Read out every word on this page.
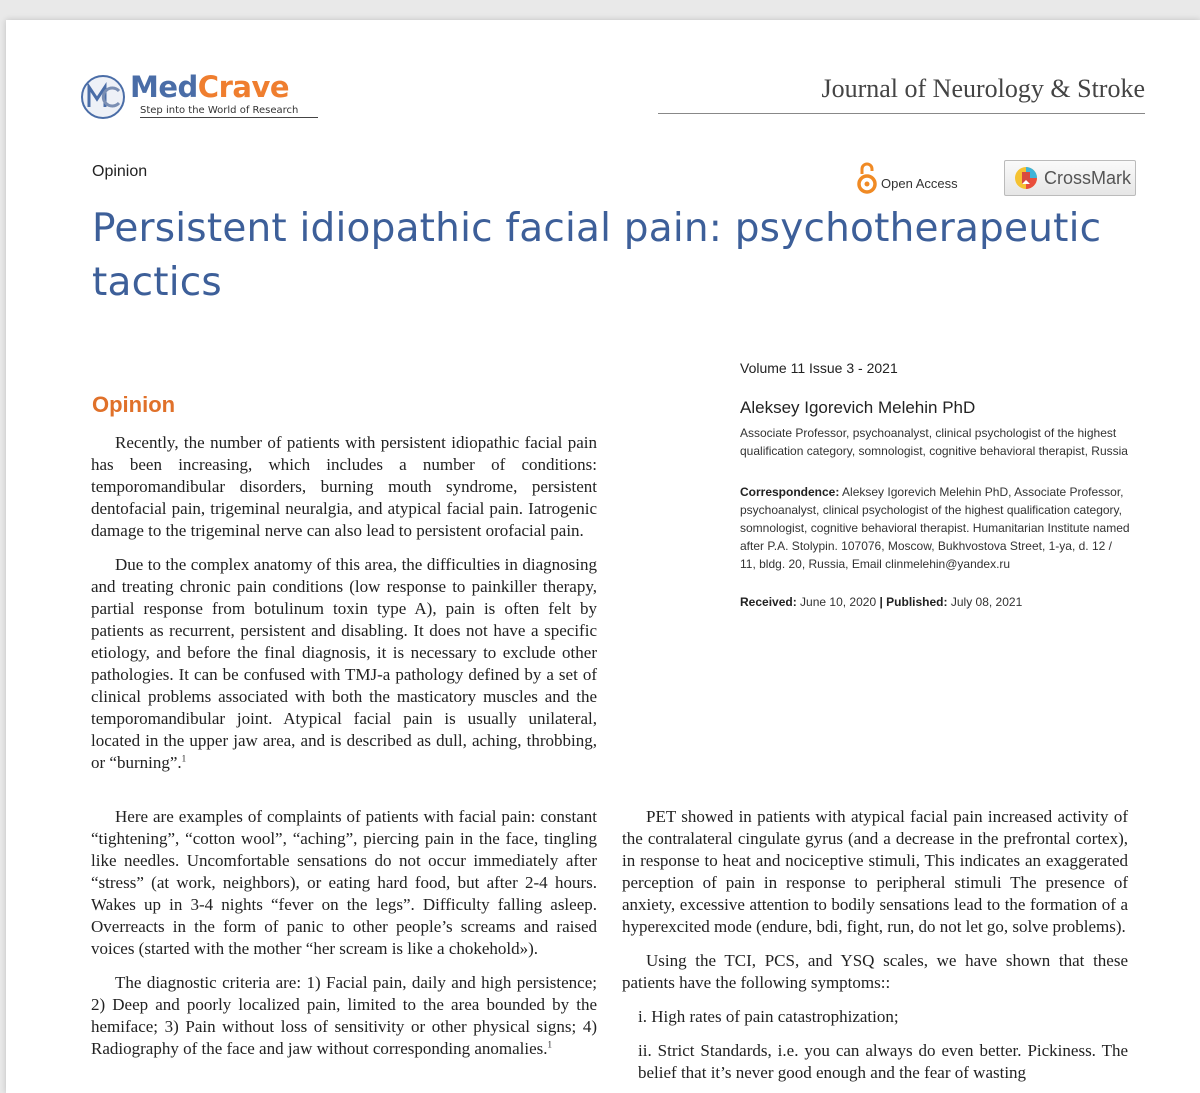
MedCrave
Step into the World of Research
Journal of Neurology & Stroke
Opinion
Open Access	CrossMark
Persistent idiopathic facial pain: psychotherapeutic tactics
Volume 11 Issue 3 - 2021
Aleksey Igorevich Melehin PhD
Associate Professor, psychoanalyst, clinical psychologist of the highest qualification category, somnologist, cognitive behavioral therapist, Russia
Correspondence: Aleksey Igorevich Melehin PhD, Associate Professor, psychoanalyst, clinical psychologist of the highest qualification category, somnologist, cognitive behavioral therapist. Humanitarian Institute named after P.A. Stolypin. 107076, Moscow, Bukhvostova Street, 1-ya, d. 12 / 11, bldg. 20, Russia, Email clinmelehin@yandex.ru
Received: June 10, 2020 | Published: July 08, 2021
Opinion

Recently, the number of patients with persistent idiopathic facial pain has been increasing, which includes a number of conditions: temporomandibular disorders, burning mouth syndrome, persistent dentofacial pain, trigeminal neuralgia, and atypical facial pain. Iatrogenic damage to the trigeminal nerve can also lead to persistent orofacial pain.

Due to the complex anatomy of this area, the difficulties in diagnosing and treating chronic pain conditions (low response to painkiller therapy, partial response from botulinum toxin type A), pain is often felt by patients as recurrent, persistent and disabling. It does not have a specific etiology, and before the final diagnosis, it is necessary to exclude other pathologies. It can be confused with TMJ-a pathology defined by a set of clinical problems associated with both the masticatory muscles and the temporomandibular joint. Atypical facial pain is usually unilateral, located in the upper jaw area, and is described as dull, aching, throbbing, or “burning”.$^1$

Here are examples of complaints of patients with facial pain: constant “tightening”, “cotton wool”, “aching”, piercing pain in the face, tingling like needles. Uncomfortable sensations do not occur immediately after “stress” (at work, neighbors), or eating hard food, but after 2-4 hours. Wakes up in 3-4 nights “fever on the legs”. Difficulty falling asleep. Overreacts in the form of panic to other people’s screams and raised voices (started with the mother “her scream is like a chokehold»).

The diagnostic criteria are: 1) Facial pain, daily and high persistence; 2) Deep and poorly localized pain, limited to the area bounded by the hemiface; 3) Pain without loss of sensitivity or other physical signs; 4) Radiography of the face and jaw without corresponding anomalies.$^1$

PET showed in patients with atypical facial pain increased activity of the contralateral cingulate gyrus (and a decrease in the prefrontal cortex), in response to heat and nociceptive stimuli, This indicates an exaggerated perception of pain in response to peripheral stimuli The presence of anxiety, excessive attention to bodily sensations lead to the formation of a hyperexcited mode (endure, bdi, fight, run, do not let go, solve problems).

Using the TCI, PCS, and YSQ scales, we have shown that these patients have the following symptoms::

i. High rates of pain catastrophization;
ii. Strict Standards, i.e. you can always do even better. Pickiness. The belief that it’s never good enough and the fear of wasting
